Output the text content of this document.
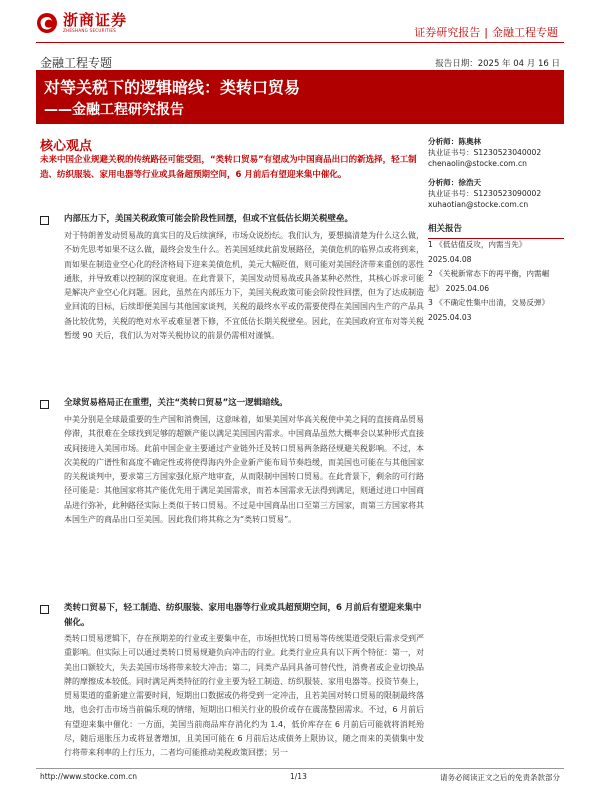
浙商证券
ZHESHANG SECURITIES	证券研究报告 | 金融工程专题
金融工程专题	报告日期：2025 年 04 月 16 日
对等关税下的逻辑暗线：类转口贸易
——金融工程研究报告
核心观点
未来中国企业规避关税的传统路径可能受阻，“类转口贸易”有望成为中国商品出口的新选择，轻工制造、纺织服装、家用电器等行业或具备超预期空间，6 月前后有望迎来集中催化。
内部压力下，美国关税政策可能会阶段性回摆，但或不宜低估长期关税壁垒。
对于特朗普发动贸易战的真实目的及后续演绎，市场众说纷纭。我们认为，要想搞清楚为什么这么做，不妨先思考如果不这么做，最终会发生什么。若美国延续此前发展路径，美债危机的临界点或将到来，而如果在制造业空心化的经济格局下迎来美债危机，美元大幅贬值，则可能对美国经济带来重创的恶性通胀，并导致难以控制的深度衰退。在此背景下，美国发动贸易战或具备某种必然性，其核心诉求可能是解决产业空心化问题。因此，虽然在内部压力下，美国关税政策可能会阶段性回摆，但为了达成制造业回流的目标，后续即便美国与其他国家谈判，关税的最终水平或仍需要使得在美国国内生产的产品具备比较优势，关税的绝对水平或难显著下修，不宜低估长期关税壁垒。因此，在美国政府宣布对等关税暂缓 90 天后，我们认为对等关税协议的前景仍需相对谨慎。
全球贸易格局正在重塑，关注“类转口贸易”这一逻辑暗线。
中美分别是全球最重要的生产国和消费国，这意味着，如果美国对华高关税使中美之间的直接商品贸易停滞，其很难在全球找到足够的超额产能以满足美国国内需求。中国商品虽然大概率会以某种形式直接或间接进入美国市场。此前中国企业主要通过产业链外迁及转口贸易两条路径规避关税影响。不过，本次美税的广谱性和高度不确定性或将使得海内外企业新产能布局节奏趋缓，而美国也可能在与其他国家的关税谈判中，要求第三方国家强化原产地审查，从而限制中国转口贸易。在此背景下，剩余的可行路径可能是：其他国家将其产能优先用于满足美国需求，而若本国需求无法得到满足，则通过进口中国商品进行弥补，此种路径实际上类似于转口贸易。不过是中国商品出口至第三方国家，而第三方国家将其本国生产的商品出口至美国。因此我们将其称之为“类转口贸易”。
类转口贸易下，轻工制造、纺织服装、家用电器等行业或具超预期空间，6 月前后有望迎来集中催化。
类转口贸易逻辑下，存在预期差的行业或主要集中在，市场担忧转口贸易等传统渠道受限后需求受到严重影响。但实际上可以通过类转口贸易规避负向冲击的行业。此类行业应具有以下两个特征：第一，对美出口额较大，失去美国市场将带来较大冲击；第二，同类产品同具备可替代性，消费者或企业切换品牌的摩擦成本较低。同时满足两类特征的行业主要为轻工制造、纺织服装、家用电器等。投资节奏上，贸易渠道的重新建立需要时间，短期出口数据或仍将受到一定冲击，且若美国对转口贸易的限制最终落地，也会打击市场当前偏乐观的情绪，短期出口相关行业的股价或存在震荡整固需求。不过，6 月前后有望迎来集中催化：一方面，美国当前商品库存消化约为 1.4，低价库存在 6 月前后可能就将消耗殆尽，随后退胀压力或将显著增加，且美国可能在 6 月前后达成债务上限协议，随之而来的美债集中发行将带来利率的上行压力，二者均可能推动美税政策回摆；另一
分析师：陈奥林
执业证书号：S1230523040002
chenaolin@stocke.com.cn
分析师：徐浩天
执业证书号：S1230523090002
xuhaotian@stocke.com.cn
相关报告
1 《低估值反攻，内需当先》
2025.04.08
2 《关税新常态下的再平衡，内需崛起》 2025.04.06
3 《不确定性集中出清，交易反弹》 2025.04.03
http://www.stocke.com.cn	1/13	请务必阅读正文之后的免责条款部分
